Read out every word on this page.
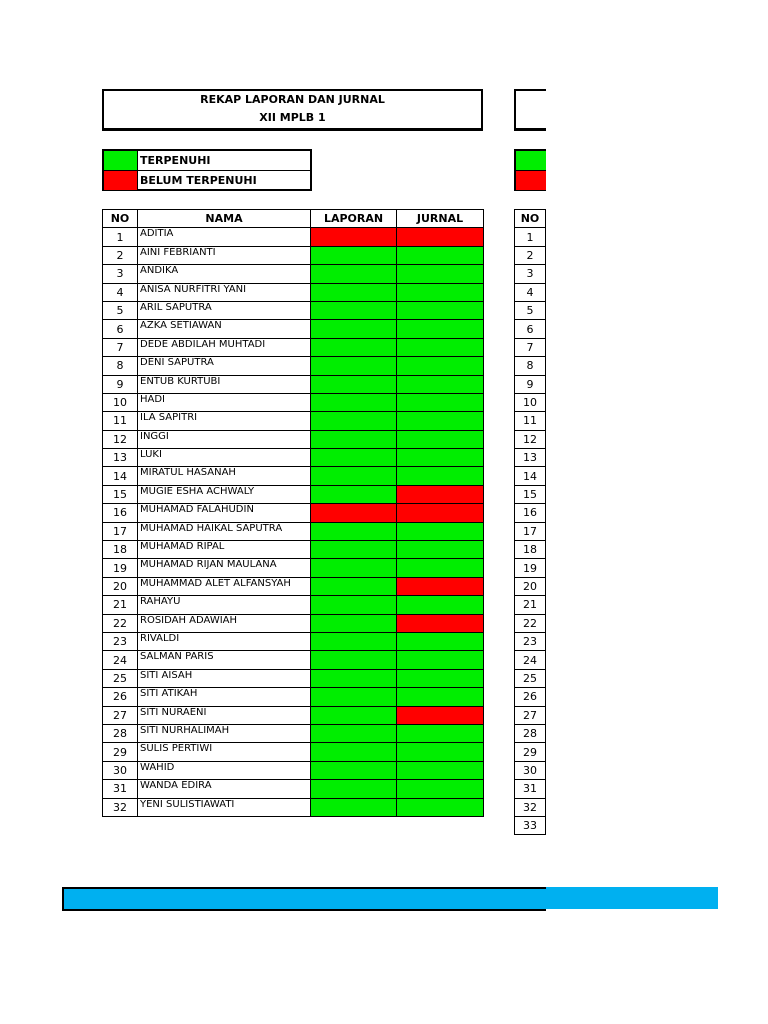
REKAP LAPORAN DAN JURNAL
XII MPLB 1
TERPENUHI
BELUM TERPENUHI
NO	NAMA	LAPORAN	JURNAL
1	ADITIA		
2	AINI FEBRIANTI		
3	ANDIKA		
4	ANISA NURFITRI YANI		
5	ARIL SAPUTRA		
6	AZKA SETIAWAN		
7	DEDE ABDILAH MUHTADI		
8	DENI SAPUTRA		
9	ENTUB KURTUBI		
10	HADI		
11	ILA SAPITRI		
12	INGGI		
13	LUKI		
14	MIRATUL HASANAH		
15	MUGIE ESHA ACHWALY		
16	MUHAMAD FALAHUDIN		
17	MUHAMAD HAIKAL SAPUTRA		
18	MUHAMAD RIPAL		
19	MUHAMAD RIJAN MAULANA		
20	MUHAMMAD ALET ALFANSYAH		
21	RAHAYU		
22	ROSIDAH ADAWIAH		
23	RIVALDI		
24	SALMAN PARIS		
25	SITI AISAH		
26	SITI ATIKAH		
27	SITI NURAENI		
28	SITI NURHALIMAH		
29	SULIS PERTIWI		
30	WAHID		
31	WANDA EDIRA		
32	YENI SULISTIAWATI		
NO
1
2
3
4
5
6
7
8
9
10
11
12
13
14
15
16
17
18
19
20
21
22
23
24
25
26
27
28
29
30
31
32
33
